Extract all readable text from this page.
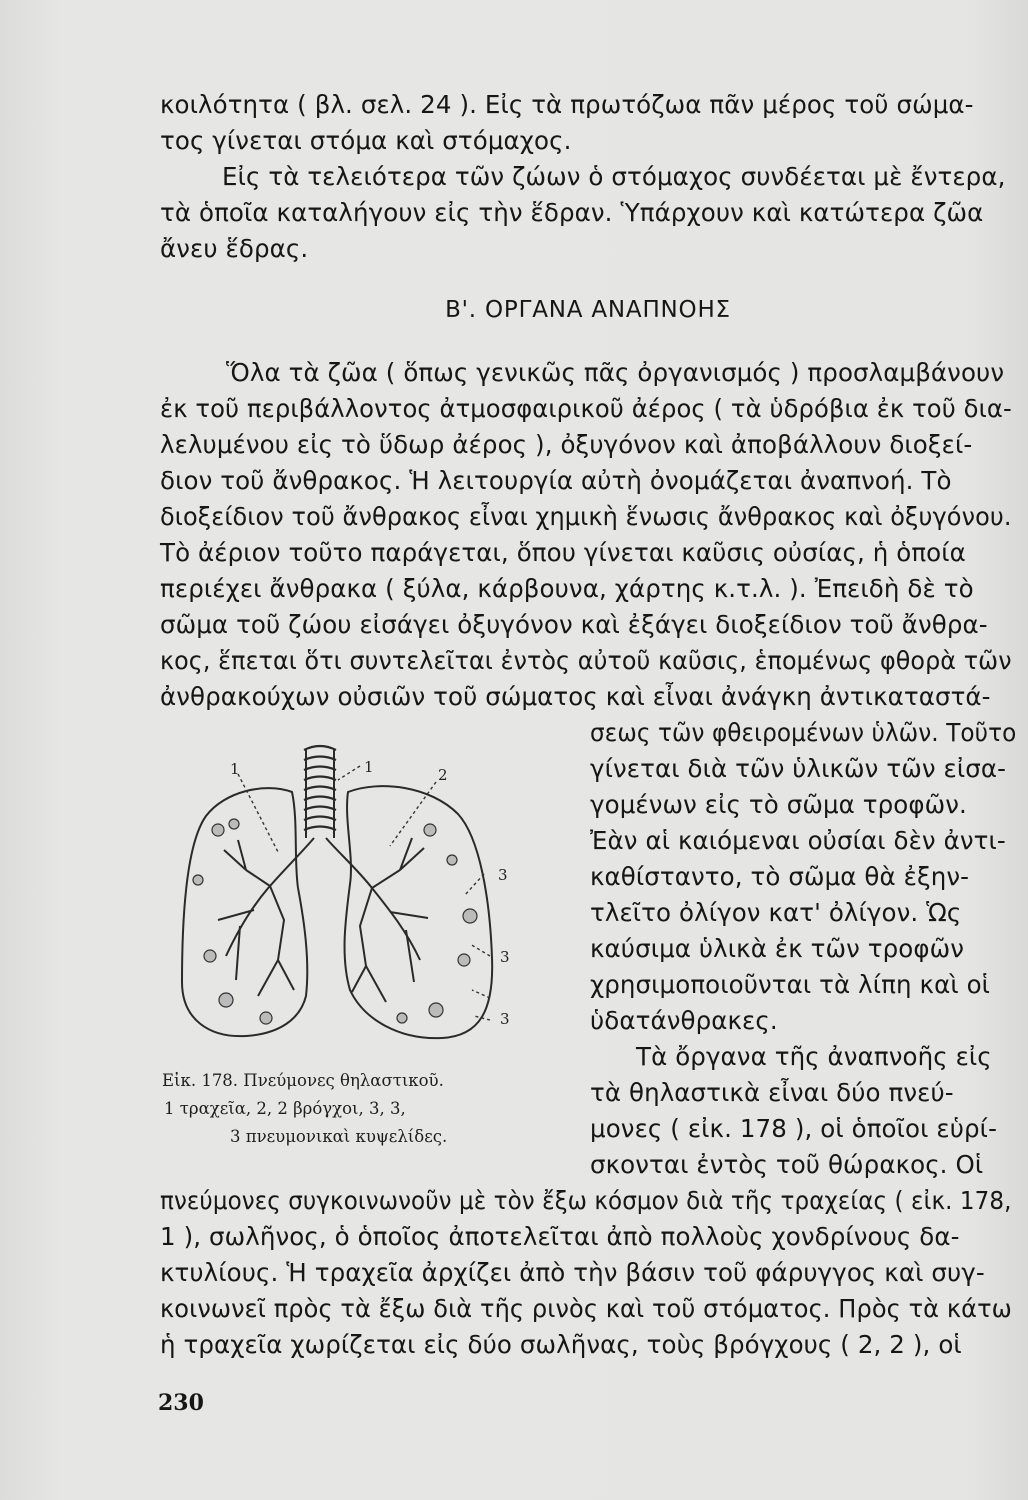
κοιλότητα ( βλ. σελ. 24 ). Εἰς τὰ πρωτόζωα πᾶν μέρος τοῦ σώμα-
τος γίνεται στόμα καὶ στόμαχος.
Εἰς τὰ τελειότερα τῶν ζώων ὁ στόμαχος συνδέεται μὲ ἔντερα,
τὰ ὁποῖα καταλήγουν εἰς τὴν ἕδραν. Ὑπάρχουν καὶ κατώτερα ζῶα
ἄνευ ἕδρας.
Β'. ΟΡΓΑΝΑ ΑΝΑΠΝΟΗΣ
Ὅλα τὰ ζῶα ( ὅπως γενικῶς πᾶς ὀργανισμός ) προσλαμβάνουν
ἐκ τοῦ περιβάλλοντος ἀτμοσφαιρικοῦ ἀέρος ( τὰ ὑδρόβια ἐκ τοῦ δια-
λελυμένου εἰς τὸ ὕδωρ ἀέρος ), ὀξυγόνον καὶ ἀποβάλλουν διοξεί-
διον τοῦ ἄνθρακος. Ἡ λειτουργία αὐτὴ ὀνομάζεται ἀναπνοή. Τὸ
διοξείδιον τοῦ ἄνθρακος εἶναι χημικὴ ἕνωσις ἄνθρακος καὶ ὀξυγόνου.
Τὸ ἀέριον τοῦτο παράγεται, ὅπου γίνεται καῦσις οὐσίας, ἡ ὁποία
περιέχει ἄνθρακα ( ξύλα, κάρβουνα, χάρτης κ.τ.λ. ). Ἐπειδὴ δὲ τὸ
σῶμα τοῦ ζώου εἰσάγει ὀξυγόνον καὶ ἐξάγει διοξείδιον τοῦ ἄνθρα-
κος, ἕπεται ὅτι συντελεῖται ἐντὸς αὐτοῦ καῦσις, ἑπομένως φθορὰ τῶν
ἀνθρακούχων οὐσιῶν τοῦ σώματος καὶ εἶναι ἀνάγκη ἀντικαταστά-
1	1	2
3
3
3
Εἰκ. 178. Πνεύμονες θηλαστικοῦ.
1 τραχεῖα, 2, 2 βρόγχοι, 3, 3,
3 πνευμονικαὶ κυψελίδες.
σεως τῶν φθειρομένων ὑλῶν. Τοῦτο
γίνεται διὰ τῶν ὑλικῶν τῶν εἰσα-
γομένων εἰς τὸ σῶμα τροφῶν.
Ἐὰν αἱ καιόμεναι οὐσίαι δὲν ἀντι-
καθίσταντο, τὸ σῶμα θὰ ἐξην-
τλεῖτο ὀλίγον κατ' ὀλίγον. Ὡς
καύσιμα ὑλικὰ ἐκ τῶν τροφῶν
χρησιμοποιοῦνται τὰ λίπη καὶ οἱ
ὑδατάνθρακες.
Τὰ ὄργανα τῆς ἀναπνοῆς εἰς
τὰ θηλαστικὰ εἶναι δύο πνεύ-
μονες ( εἰκ. 178 ), οἱ ὁποῖοι εὑρί-
σκονται ἐντὸς τοῦ θώρακος. Οἱ
πνεύμονες συγκοινωνοῦν μὲ τὸν ἔξω κόσμον διὰ τῆς τραχείας ( εἰκ. 178,
1 ), σωλῆνος, ὁ ὁποῖος ἀποτελεῖται ἀπὸ πολλοὺς χονδρίνους δα-
κτυλίους. Ἡ τραχεῖα ἀρχίζει ἀπὸ τὴν βάσιν τοῦ φάρυγγος καὶ συγ-
κοινωνεῖ πρὸς τὰ ἔξω διὰ τῆς ρινὸς καὶ τοῦ στόματος. Πρὸς τὰ κάτω
ἡ τραχεῖα χωρίζεται εἰς δύο σωλῆνας, τοὺς βρόγχους ( 2, 2 ), οἱ
230
